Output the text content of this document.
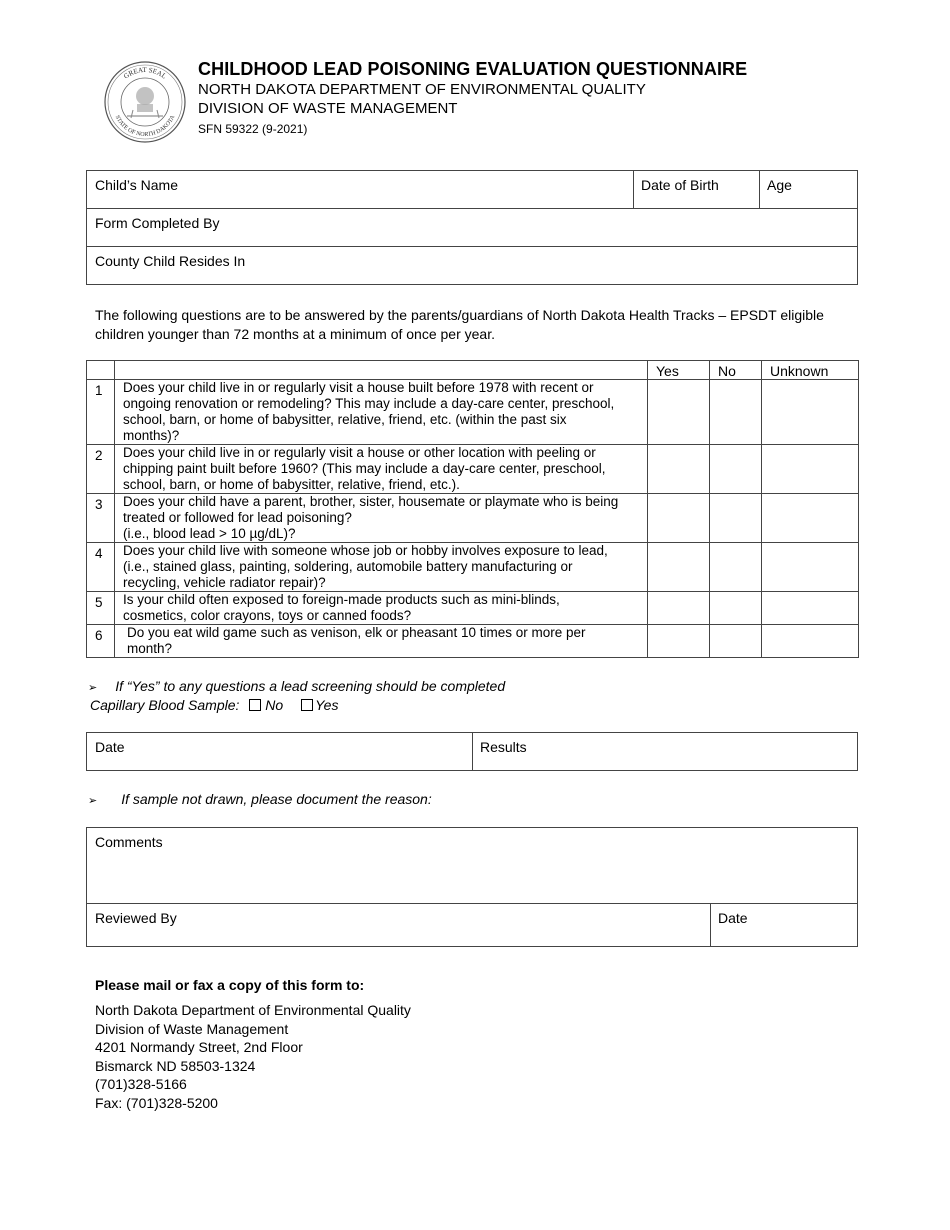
GREAT SEAL
STATE OF NORTH DAKOTA
CHILDHOOD LEAD POISONING EVALUATION QUESTIONNAIRE
NORTH DAKOTA DEPARTMENT OF ENVIRONMENTAL QUALITY
DIVISION OF WASTE MANAGEMENT
SFN 59322 (9-2021)
Child’s Name	Date of Birth	Age
Form Completed By
County Child Resides In
The following questions are to be answered by the parents/guardians of North Dakota Health Tracks – EPSDT eligible children younger than 72 months at a minimum of once per year.
		Yes	No	Unknown
1	Does your child live in or regularly visit a house built before 1978 with recent or
ongoing renovation or remodeling? This may include a day-care center, preschool,
school, barn, or home of babysitter, relative, friend, etc. (within the past six
months)?			

2	Does your child live in or regularly visit a house or other location with peeling or
chipping paint built before 1960? (This may include a day-care center, preschool,
school, barn, or home of babysitter, relative, friend, etc.).			

3	Does your child have a parent, brother, sister, housemate or playmate who is being
treated or followed for lead poisoning?
(i.e., blood lead > 10 µg/dL)?			

4	Does your child live with someone whose job or hobby involves exposure to lead,
(i.e., stained glass, painting, soldering, automobile battery manufacturing or
recycling, vehicle radiator repair)?			

5	Is your child often exposed to foreign-made products such as mini-blinds,
cosmetics, color crayons, toys or canned foods?			

6	Do you eat wild game such as venison, elk or pheasant 10 times or more per
month?			

➢ If “Yes” to any questions a lead screening should be completed
Capillary Blood Sample: No Yes
Date	Results
➢ If sample not drawn, please document the reason:
Comments
Reviewed By	Date
Please mail or fax a copy of this form to:
North Dakota Department of Environmental Quality
Division of Waste Management
4201 Normandy Street, 2nd Floor
Bismarck ND 58503-1324
(701)328-5166
Fax: (701)328-5200
